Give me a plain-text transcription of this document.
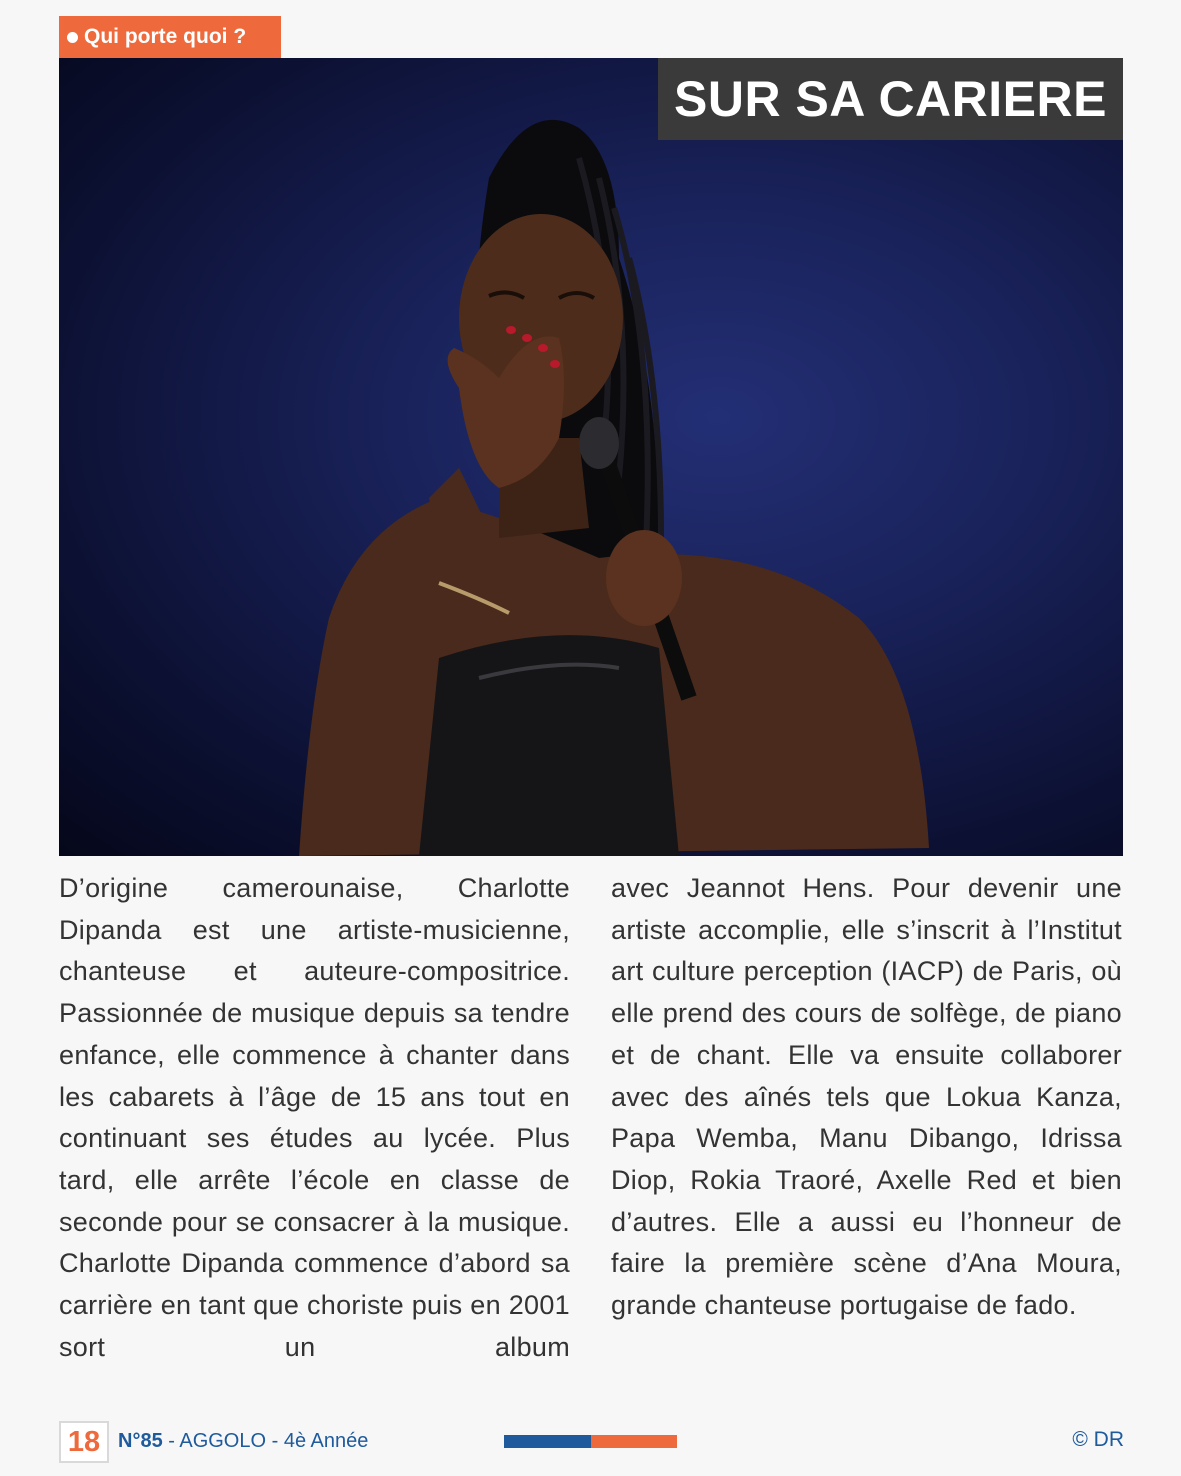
Qui porte quoi ?
SUR SA CARIERE

D’origine camerounaise, Charlotte Dipanda est une artiste-musicienne, chanteuse et auteure-compositrice. Passionnée de musique depuis sa tendre enfance, elle commence à chanter dans les cabarets à l’âge de 15 ans tout en continuant ses études au lycée. Plus tard, elle arrête l’école en classe de seconde pour se consacrer à la musique. Charlotte Dipanda commence d’abord sa carrière en tant que choriste puis en 2001 sort un album

avec Jeannot Hens. Pour devenir une artiste accomplie, elle s’inscrit à l’Institut art culture perception (IACP) de Paris, où elle prend des cours de solfège, de piano et de chant. Elle va ensuite collaborer avec des aînés tels que Lokua Kanza, Papa Wemba, Manu Dibango, Idrissa Diop, Rokia Traoré, Axelle Red et bien d’autres. Elle a aussi eu l’honneur de faire la première scène d’Ana Moura, grande chanteuse portugaise de fado.

18 N°85 - AGGOLO - 4è Année	© DR
